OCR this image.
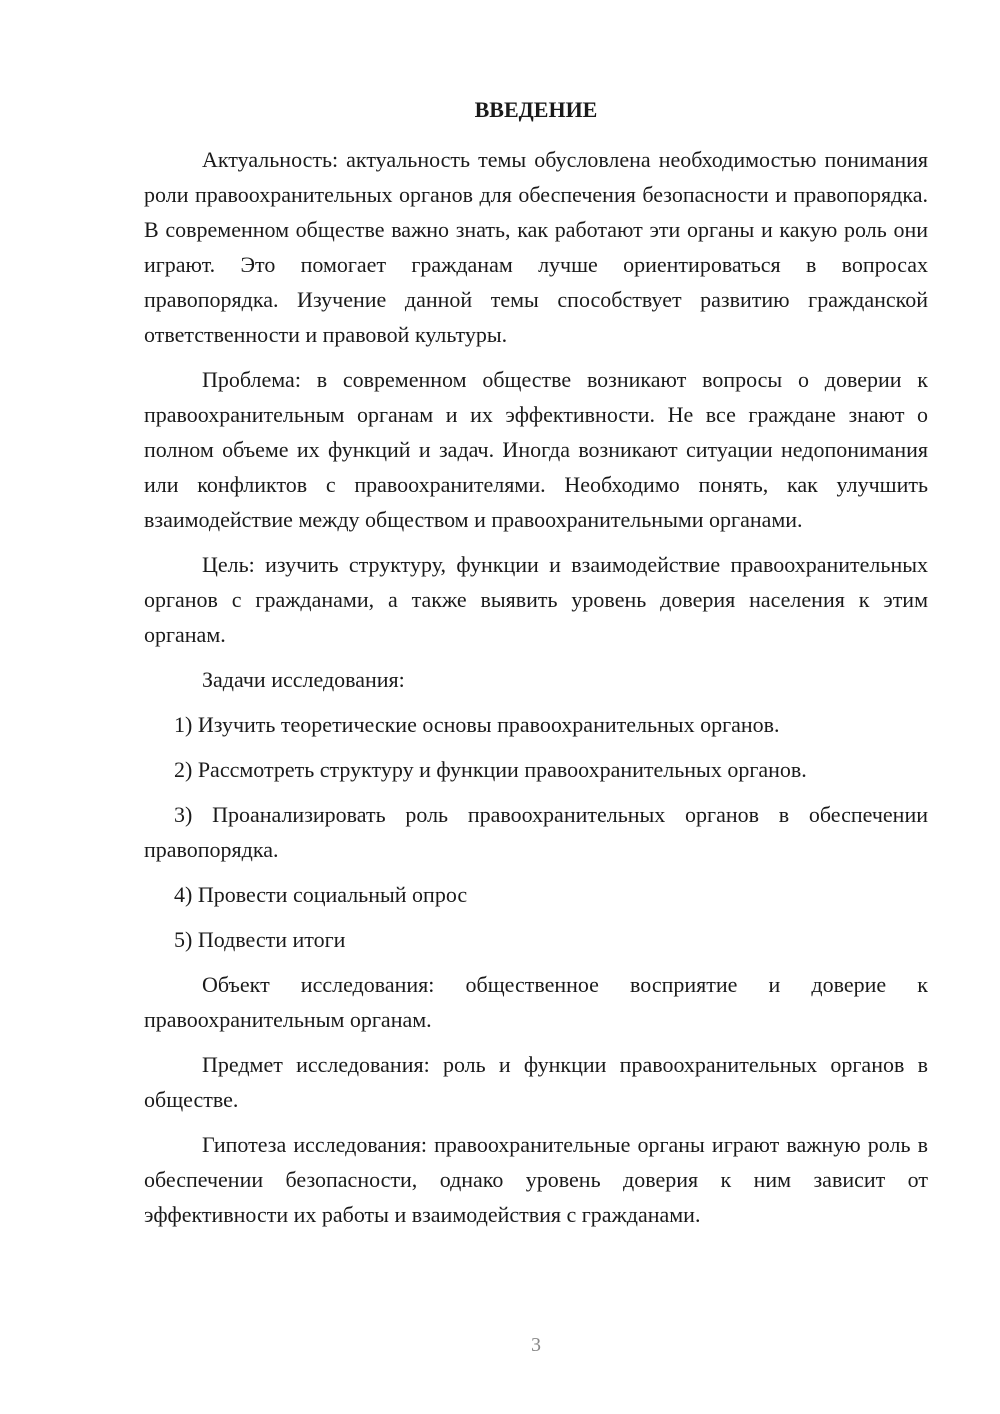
ВВЕДЕНИЕ

Актуальность: актуальность темы обусловлена необходимостью понимания роли правоохранительных органов для обеспечения безопасности и правопорядка. В современном обществе важно знать, как работают эти органы и какую роль они играют. Это помогает гражданам лучше ориентироваться в вопросах правопорядка. Изучение данной темы способствует развитию гражданской ответственности и правовой культуры.

Проблема: в современном обществе возникают вопросы о доверии к правоохранительным органам и их эффективности. Не все граждане знают о полном объеме их функций и задач. Иногда возникают ситуации недопонимания или конфликтов с правоохранителями. Необходимо понять, как улучшить взаимодействие между обществом и правоохранительными органами.

Цель: изучить структуру, функции и взаимодействие правоохранительных органов с гражданами, а также выявить уровень доверия населения к этим органам.

Задачи исследования:

1) Изучить теоретические основы правоохранительных органов.

2) Рассмотреть структуру и функции правоохранительных органов.

3) Проанализировать роль правоохранительных органов в обеспечении правопорядка.

4) Провести социальный опрос

5) Подвести итоги

Объект исследования: общественное восприятие и доверие к правоохранительным органам.

Предмет исследования: роль и функции правоохранительных органов в обществе.

Гипотеза исследования: правоохранительные органы играют важную роль в обеспечении безопасности, однако уровень доверия к ним зависит от эффективности их работы и взаимодействия с гражданами.

3
